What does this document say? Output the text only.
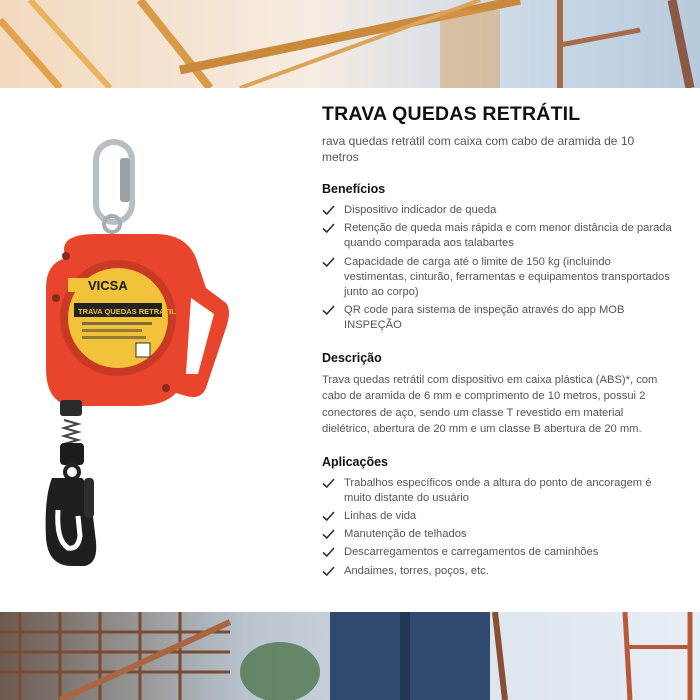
VICSA
TRAVA QUEDAS RETRÁTIL
TRAVA QUEDAS RETRÁTIL

rava quedas retrátil com caixa com cabo de aramida de 10 metros

Benefícios
Dispositivo indicador de queda
Retenção de queda mais rápida e com menor distância de parada quando comparada aos talabartes
Capacidade de carga até o limite de 150 kg (incluindo vestimentas, cinturão, ferramentas e equipamentos transportados junto ao corpo)
QR code para sistema de inspeção através do app MOB INSPEÇÃO
Descrição

Trava quedas retrátil com dispositivo em caixa plástica (ABS)*, com cabo de aramida de 6 mm e comprimento de 10 metros, possui 2 conectores de aço, sendo um classe T revestido em material dielétrico, abertura de 20 mm e um classe B abertura de 20 mm.

Aplicações
Trabalhos específicos onde a altura do ponto de ancoragem é muito distante do usuário
Linhas de vida
Manutenção de telhados
Descarregamentos e carregamentos de caminhões
Andaimes, torres, poços, etc.
